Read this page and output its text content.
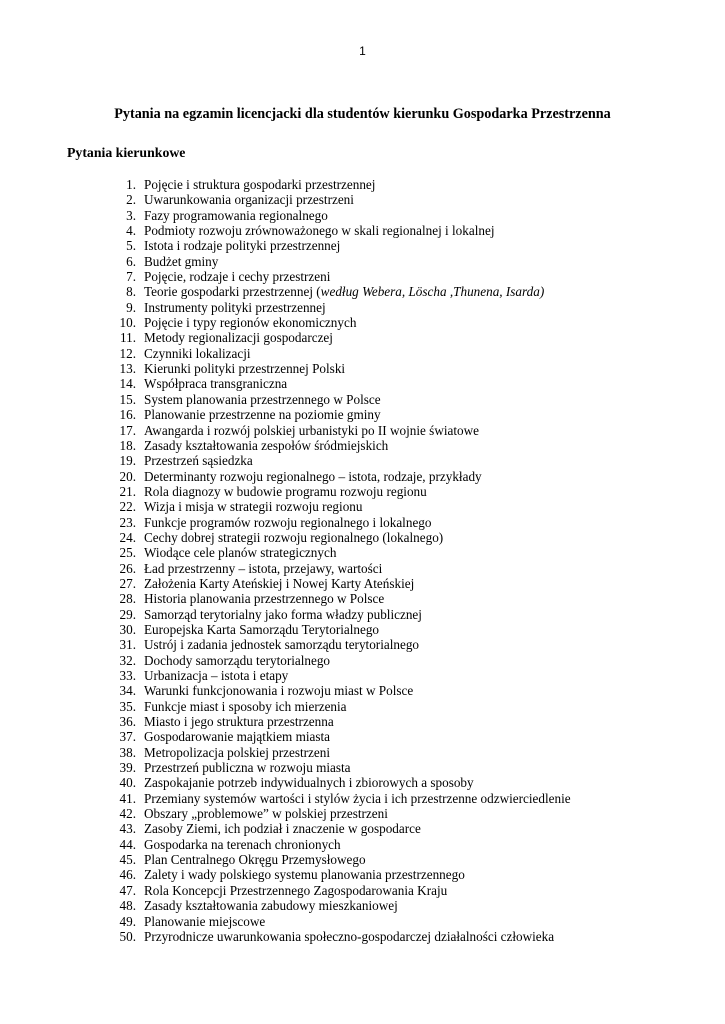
1
Pytania na egzamin licencjacki dla studentów kierunku Gospodarka Przestrzenna
Pytania kierunkowe
1. Pojęcie i struktura gospodarki przestrzennej
2. Uwarunkowania organizacji przestrzeni
3. Fazy programowania regionalnego
4. Podmioty rozwoju zrównoważonego w skali regionalnej i lokalnej
5. Istota i rodzaje polityki przestrzennej
6. Budżet gminy
7. Pojęcie, rodzaje i cechy przestrzeni
8. Teorie gospodarki przestrzennej (według Webera, Löscha ,Thunena, Isarda)
9. Instrumenty polityki przestrzennej
10. Pojęcie i typy regionów ekonomicznych
11. Metody regionalizacji gospodarczej
12. Czynniki lokalizacji
13. Kierunki polityki przestrzennej Polski
14. Współpraca transgraniczna
15. System planowania przestrzennego w Polsce
16. Planowanie przestrzenne na poziomie gminy
17. Awangarda i rozwój polskiej urbanistyki po II wojnie światowe
18. Zasady kształtowania zespołów śródmiejskich
19. Przestrzeń sąsiedzka
20. Determinanty rozwoju regionalnego – istota, rodzaje, przykłady
21. Rola diagnozy w budowie programu rozwoju regionu
22. Wizja i misja w strategii rozwoju regionu
23. Funkcje programów rozwoju regionalnego i lokalnego
24. Cechy dobrej strategii rozwoju regionalnego (lokalnego)
25. Wiodące cele planów strategicznych
26. Ład przestrzenny – istota, przejawy, wartości
27. Założenia Karty Ateńskiej i Nowej Karty Ateńskiej
28. Historia planowania przestrzennego w Polsce
29. Samorząd terytorialny jako forma władzy publicznej
30. Europejska Karta Samorządu Terytorialnego
31. Ustrój i zadania jednostek samorządu terytorialnego
32. Dochody samorządu terytorialnego
33. Urbanizacja – istota i etapy
34. Warunki funkcjonowania i rozwoju miast w Polsce
35. Funkcje miast i sposoby ich mierzenia
36. Miasto i jego struktura przestrzenna
37. Gospodarowanie majątkiem miasta
38. Metropolizacja polskiej przestrzeni
39. Przestrzeń publiczna w rozwoju miasta
40. Zaspokajanie potrzeb indywidualnych i zbiorowych a sposoby
41. Przemiany systemów wartości i stylów życia i ich przestrzenne odzwierciedlenie
42. Obszary „problemowe” w polskiej przestrzeni
43. Zasoby Ziemi, ich podział i znaczenie w gospodarce
44. Gospodarka na terenach chronionych
45. Plan Centralnego Okręgu Przemysłowego
46. Zalety i wady polskiego systemu planowania przestrzennego
47. Rola Koncepcji Przestrzennego Zagospodarowania Kraju
48. Zasady kształtowania zabudowy mieszkaniowej
49. Planowanie miejscowe
50. Przyrodnicze uwarunkowania społeczno-gospodarczej działalności człowieka
